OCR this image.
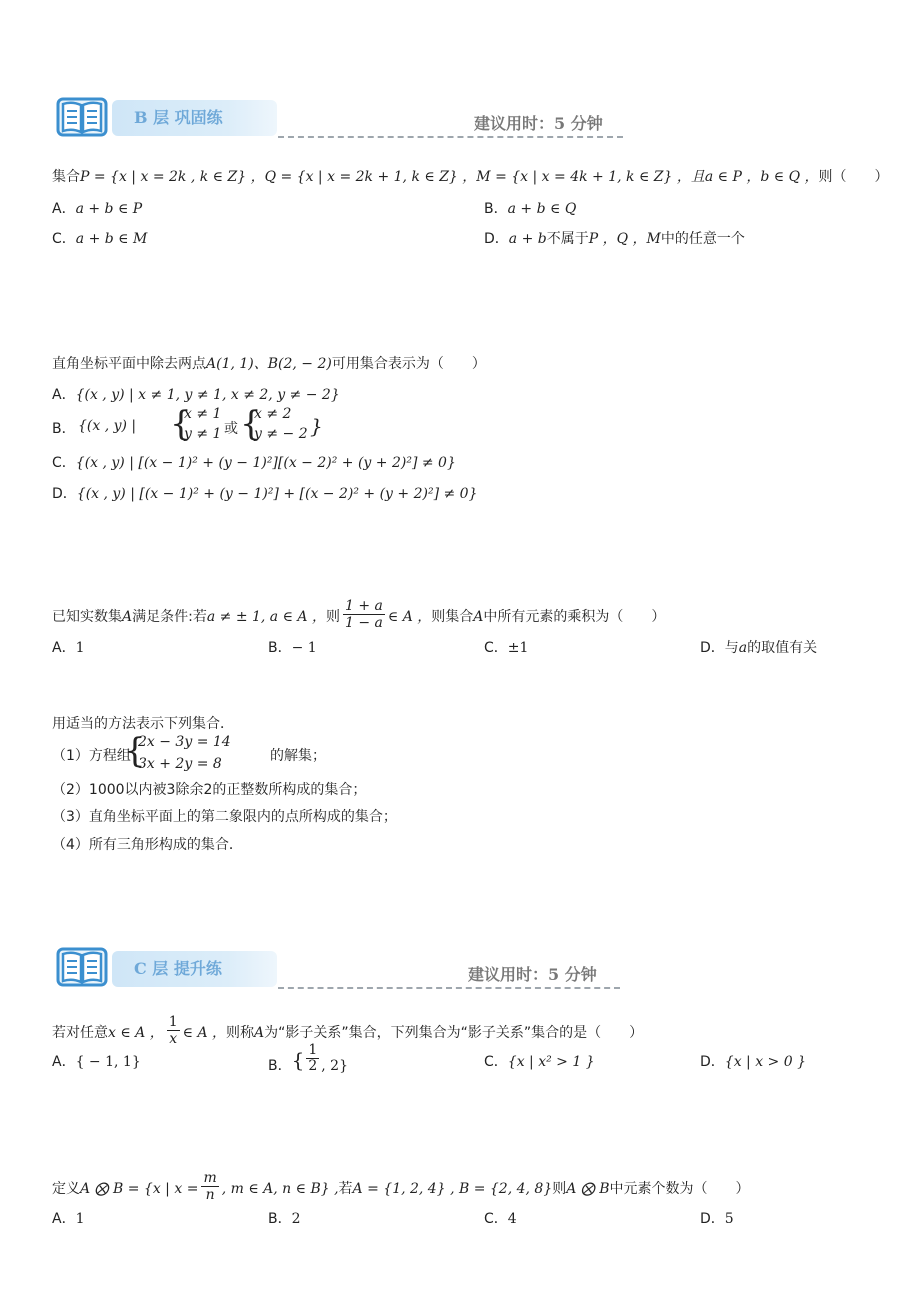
B 层 巩固练	建议用时：5 分钟
集合P = {x | x = 2k , k ∈ Z} ，Q = {x | x = 2k + 1, k ∈ Z} ，M = {x | x = 4k + 1, k ∈ Z} ，且a ∈ P ，b ∈ Q ，则（　　）
A．a + b ∈ P	B．a + b ∈ Q
C．a + b ∈ M	D．a + b不属于P ，Q ，M中的任意一个
直角坐标平面中除去两点A(1, 1)、B(2, − 2)可用集合表示为（　　）
A．{(x , y) | x ≠ 1, y ≠ 1, x ≠ 2, y ≠ − 2}
B． {(x , y) | {
x ≠ 1
y ≠ 1 或 {
x ≠ 2
y ≠ − 2 }
C．{(x , y) | [(x − 1)² + (y − 1)²][(x − 2)² + (y + 2)²] ≠ 0}
D．{(x , y) | [(x − 1)² + (y − 1)²] + [(x − 2)² + (y + 2)²] ≠ 0}
已知实数集A满足条件:若a ≠ ± 1, a ∈ A ，则 $\frac{1 + a}{1 - a}$ ∈ A ，则集合A中所有元素的乘积为（　　）
A．1	B．− 1	C．±1	D．与a的取值有关
用适当的方法表示下列集合．
（1）方程组
{
2x − 3y = 14
3x + 2y = 8	的解集；
（2）1000以内被3除余2的正整数所构成的集合；
（3）直角坐标平面上的第二象限内的点所构成的集合；
（4）所有三角形构成的集合．
C 层 提升练	建议用时：5 分钟
若对任意x ∈ A ， $\frac{1}{x}$ ∈ A ，则称A为“影子关系”集合，下列集合为“影子关系”集合的是（　　）
A．{ − 1, 1}	B．{ $\frac{1}{2}$ , 2}	C．{x | x² > 1 }	D．{x | x > 0 }
定义A ⨂ B = {x | $x = \frac{m}{n}$ , m ∈ A, n ∈ B} ,若A = {1, 2, 4} , B = {2, 4, 8}则A ⨂ B中元素个数为（　　）
A．1	B．2	C．4	D．5
